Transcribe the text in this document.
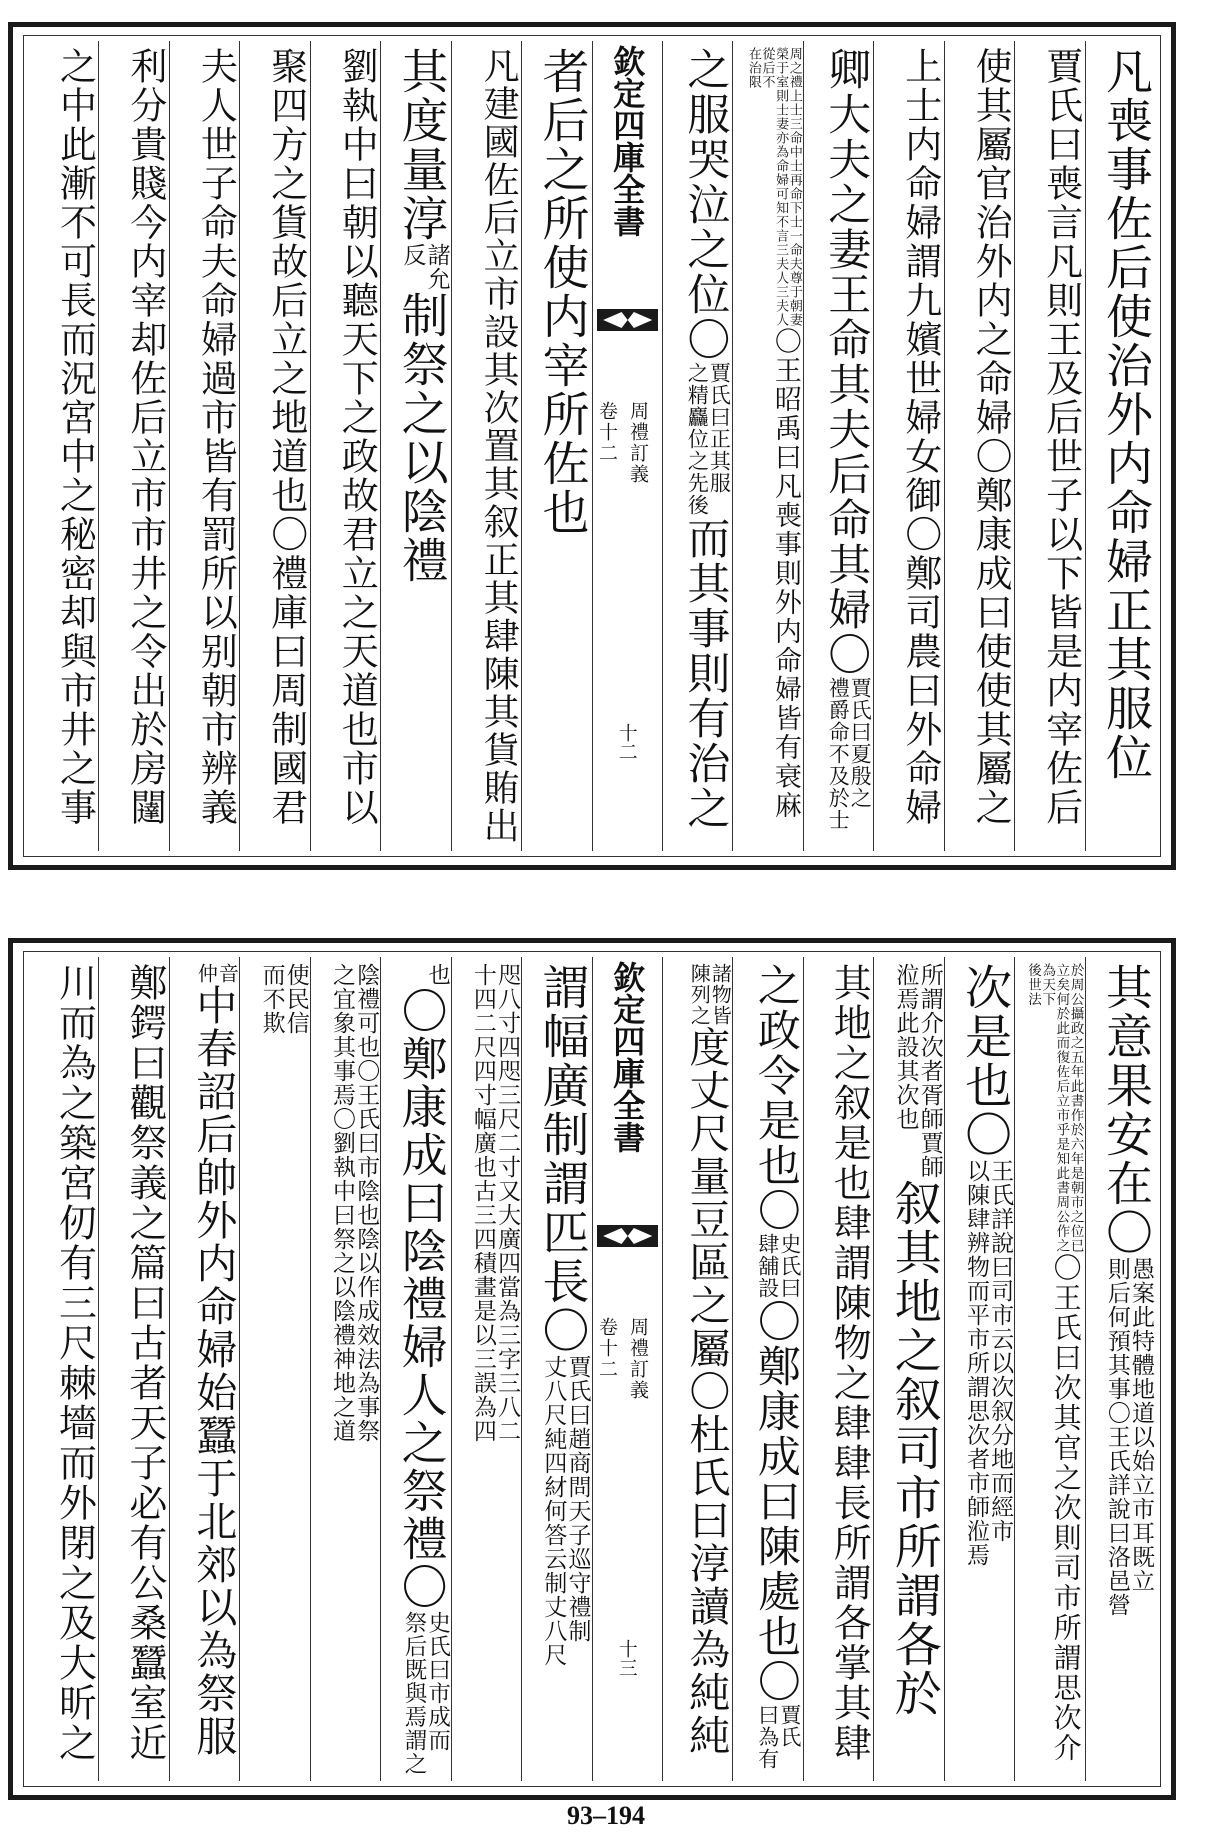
凡喪事佐后使治外内命婦正其服位
賈氏曰喪言凡則王及后世子以下皆是内宰佐后
使其屬官治外内之命婦〇鄭康成曰使使其屬之
上士内命婦謂九嬪世婦女御〇鄭司農曰外命婦
卿大夫之妻王命其夫后命其婦〇
賈氏曰夏殷之
禮爵命不及於士
周之禮上士三命中士再命下士一命夫尊于朝妻
榮于室則士妻亦為命婦可知不言三夫人三夫人
從后不
在治限
〇王昭禹曰凡喪事則外内命婦皆有衰麻
之服哭泣之位〇
賈氏曰正其服
之精麤位之先後
而其事則有治之
欽定四庫全書
周禮訂義
卷十二
十二
者后之所使内宰所佐也
凡建國佐后立市設其次置其叙正其肆陳其貨賄出
其度量淳
諸允
反
制祭之以陰禮
劉執中曰朝以聽天下之政故君立之天道也市以
聚四方之貨故后立之地道也〇禮庫曰周制國君
夫人世子命夫命婦過市皆有罰所以别朝市辨義
利分貴賤今内宰却佐后立市市井之令出於房闥
之中此漸不可長而況宮中之秘密却與市井之事
其意果安在〇
愚案此特體地道以始立市耳既立
則后何預其事〇王氏詳說曰洛邑營
於周公攝政之五年此書作於六年是朝市之位已
立矣何於此而復佐后立市乎是知此書周公作之
為天下
後世法
〇王氏曰次其官之次則司市所謂思次介
次是也〇
王氏詳說曰司市云以次叙分地而經市
以陳肆辨物而平市所謂思次者市師涖焉
所謂介次者胥師賈師
涖焉此設其次也
叙其地之叙司市所謂各於
其地之叙是也肆謂陳物之肆肆長所謂各掌其肆
之政令是也〇
史氏曰
肆舖設
〇鄭康成曰陳處也〇
賈氏
曰為有
諸物皆
陳列之
度丈尺量豆區之屬〇杜氏曰淳讀為純純
欽定四庫全書
周禮訂義
卷十二
十三
謂幅廣制謂匹長〇
賈氏曰趙商問天子巡守禮制
丈八尺純四䊷何答云制丈八尺
咫八寸四咫三尺二寸又大廣四當為三字三八二
十四二尺四寸幅廣也古三四積畫是以三誤為四
也
〇鄭康成曰陰禮婦人之祭禮〇
史氏曰市成而
祭后既與焉謂之
陰禮可也〇王氏曰市陰也陰以作成效法為事祭
之宜象其事焉〇劉執中曰祭之以陰禮神地之道
使民信
而不欺
音
仲
中春詔后帥外内命婦始蠶于北郊以為祭服
鄭鍔曰觀祭義之篇曰古者天子必有公桑蠶室近
川而為之築宮仞有三尺棘墻而外閉之及大昕之
93–194
